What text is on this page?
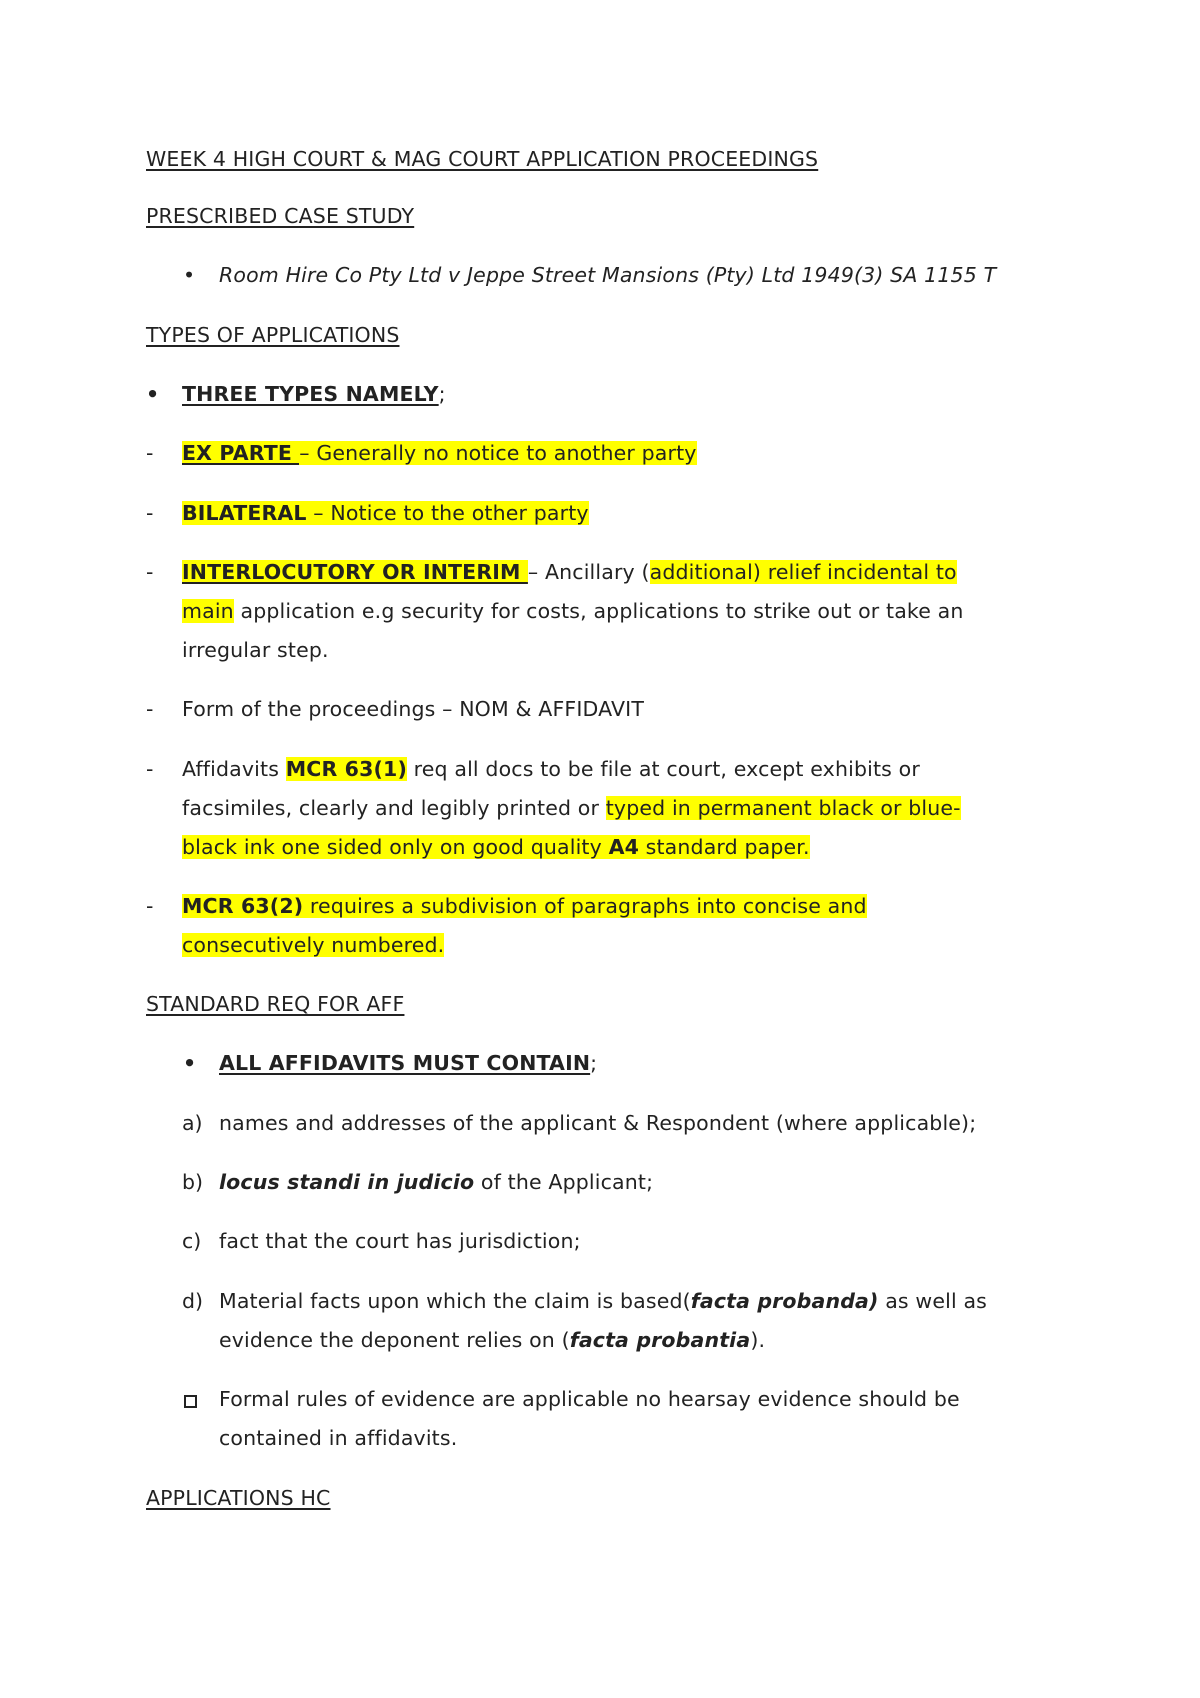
WEEK 4 HIGH COURT & MAG COURT APPLICATION PROCEEDINGS
PRESCRIBED CASE STUDY
• Room Hire Co Pty Ltd v Jeppe Street Mansions (Pty) Ltd 1949(3) SA 1155 T
TYPES OF APPLICATIONS
• THREE TYPES NAMELY;
- EX PARTE – Generally no notice to another party
- BILATERAL – Notice to the other party
- INTERLOCUTORY OR INTERIM – Ancillary (additional) relief incidental to
main application e.g security for costs, applications to strike out or take an
irregular step.
- Form of the proceedings – NOM & AFFIDAVIT
- Affidavits MCR 63(1) req all docs to be file at court, except exhibits or
facsimiles, clearly and legibly printed or typed in permanent black or blue-
black ink one sided only on good quality A4 standard paper.
- MCR 63(2) requires a subdivision of paragraphs into concise and
consecutively numbered.
STANDARD REQ FOR AFF
• ALL AFFIDAVITS MUST CONTAIN;
a) names and addresses of the applicant & Respondent (where applicable);
b) locus standi in judicio of the Applicant;
c) fact that the court has jurisdiction;
d) Material facts upon which the claim is based(facta probanda) as well as
evidence the deponent relies on (facta probantia).
Formal rules of evidence are applicable no hearsay evidence should be
contained in affidavits.
APPLICATIONS HC
